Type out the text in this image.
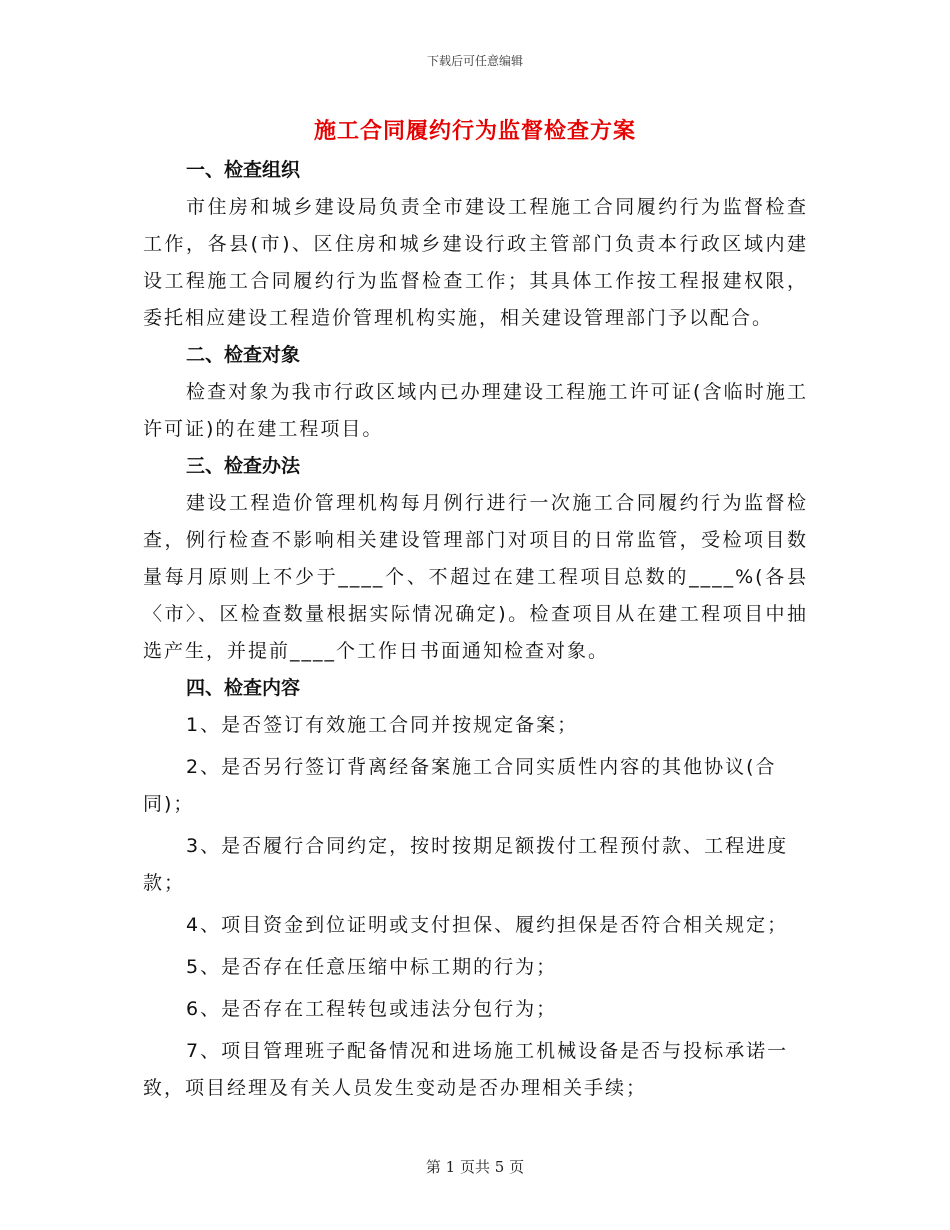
下载后可任意编辑
施工合同履约行为监督检查方案
一、检查组织

市住房和城乡建设局负责全市建设工程施工合同履约行为监督检查工作，各县(市)、区住房和城乡建设行政主管部门负责本行政区域内建设工程施工合同履约行为监督检查工作；其具体工作按工程报建权限，委托相应建设工程造价管理机构实施，相关建设管理部门予以配合。

二、检查对象

检查对象为我市行政区域内已办理建设工程施工许可证(含临时施工许可证)的在建工程项目。

三、检查办法

建设工程造价管理机构每月例行进行一次施工合同履约行为监督检查，例行检查不影响相关建设管理部门对项目的日常监管，受检项目数量每月原则上不少于____个、不超过在建工程项目总数的____%(各县〈市〉、区检查数量根据实际情况确定)。检查项目从在建工程项目中抽选产生，并提前____个工作日书面通知检查对象。

四、检查内容

1、是否签订有效施工合同并按规定备案；

2、是否另行签订背离经备案施工合同实质性内容的其他协议(合同)；

3、是否履行合同约定，按时按期足额拨付工程预付款、工程进度款；

4、项目资金到位证明或支付担保、履约担保是否符合相关规定；

5、是否存在任意压缩中标工期的行为；

6、是否存在工程转包或违法分包行为；

7、项目管理班子配备情况和进场施工机械设备是否与投标承诺一致，项目经理及有关人员发生变动是否办理相关手续；

第 1 页共 5 页
